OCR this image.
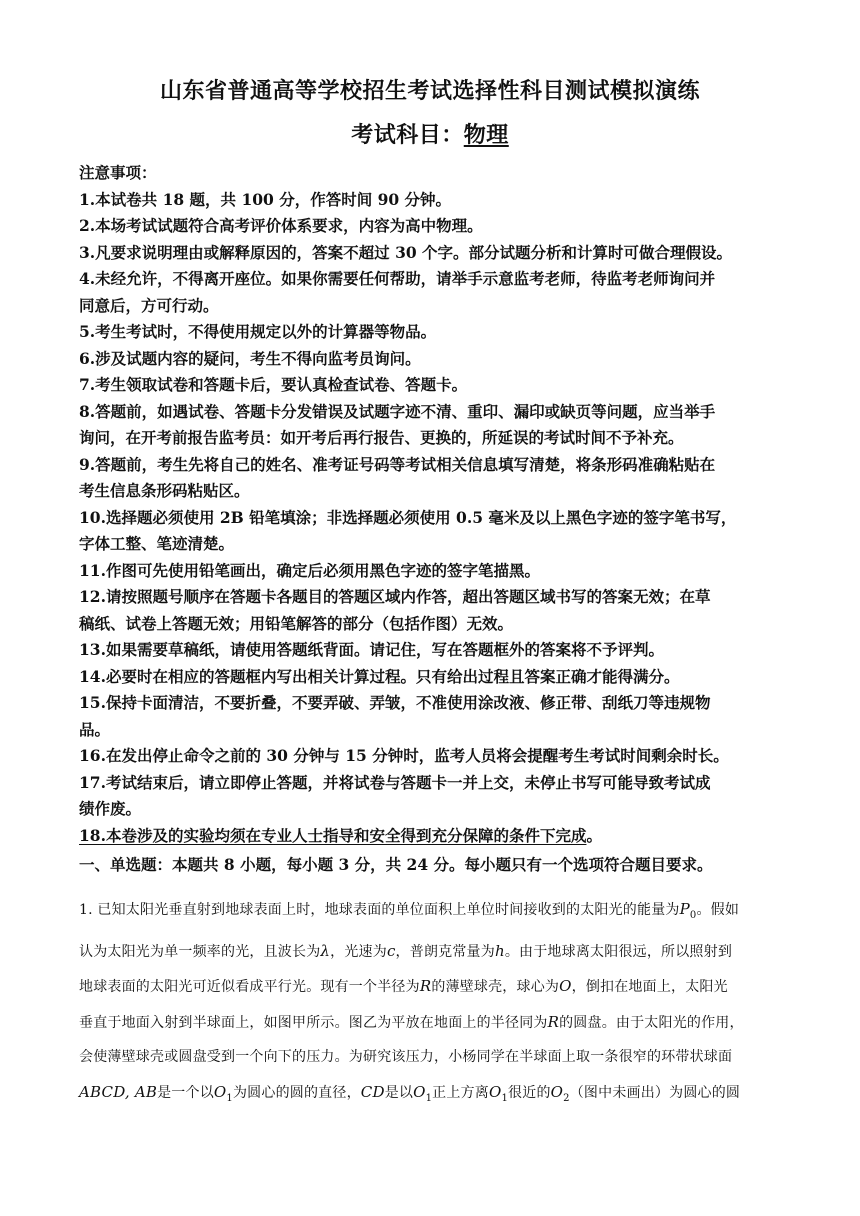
山东省普通高等学校招生考试选择性科目测试模拟演练
考试科目：物理
注意事项：
1.本试卷共 18 题，共 100 分，作答时间 90 分钟。
2.本场考试试题符合高考评价体系要求，内容为高中物理。
3.凡要求说明理由或解释原因的，答案不超过 30 个字。部分试题分析和计算时可做合理假设。
4.未经允许，不得离开座位。如果你需要任何帮助，请举手示意监考老师，待监考老师询问并
同意后，方可行动。
5.考生考试时，不得使用规定以外的计算器等物品。
6.涉及试题内容的疑问，考生不得向监考员询问。
7.考生领取试卷和答题卡后，要认真检查试卷、答题卡。
8.答题前，如遇试卷、答题卡分发错误及试题字迹不清、重印、漏印或缺页等问题，应当举手
询问，在开考前报告监考员：如开考后再行报告、更换的，所延误的考试时间不予补充。
9.答题前，考生先将自己的姓名、准考证号码等考试相关信息填写清楚，将条形码准确粘贴在
考生信息条形码粘贴区。
10.选择题必须使用 2B 铅笔填涂；非选择题必须使用 0.5 毫米及以上黑色字迹的签字笔书写，
字体工整、笔迹清楚。
11.作图可先使用铅笔画出，确定后必须用黑色字迹的签字笔描黑。
12.请按照题号顺序在答题卡各题目的答题区域内作答，超出答题区域书写的答案无效；在草
稿纸、试卷上答题无效；用铅笔解答的部分（包括作图）无效。
13.如果需要草稿纸，请使用答题纸背面。请记住，写在答题框外的答案将不予评判。
14.必要时在相应的答题框内写出相关计算过程。只有给出过程且答案正确才能得满分。
15.保持卡面清洁，不要折叠，不要弄破、弄皱，不准使用涂改液、修正带、刮纸刀等违规物
品。
16.在发出停止命令之前的 30 分钟与 15 分钟时，监考人员将会提醒考生考试时间剩余时长。
17.考试结束后，请立即停止答题，并将试卷与答题卡一并上交，未停止书写可能导致考试成
绩作废。
18.本卷涉及的实验均须在专业人士指导和安全得到充分保障的条件下完成。
一、单选题：本题共 8 小题，每小题 3 分，共 24 分。每小题只有一个选项符合题目要求。
1. 已知太阳光垂直射到地球表面上时，地球表面的单位面积上单位时间接收到的太阳光的能量为$P_0$。假如
认为太阳光为单一频率的光，且波长为λ，光速为c，普朗克常量为h。由于地球离太阳很远，所以照射到
地球表面的太阳光可近似看成平行光。现有一个半径为R的薄壁球壳，球心为O，倒扣在地面上，太阳光
垂直于地面入射到半球面上，如图甲所示。图乙为平放在地面上的半径同为R的圆盘。由于太阳光的作用，
会使薄壁球壳或圆盘受到一个向下的压力。为研究该压力，小杨同学在半球面上取一条很窄的环带状球面
ABCD, AB是一个以$O_1$为圆心的圆的直径，CD是以$O_1$正上方离$O_1$很近的$O_2$（图中未画出）为圆心的圆
